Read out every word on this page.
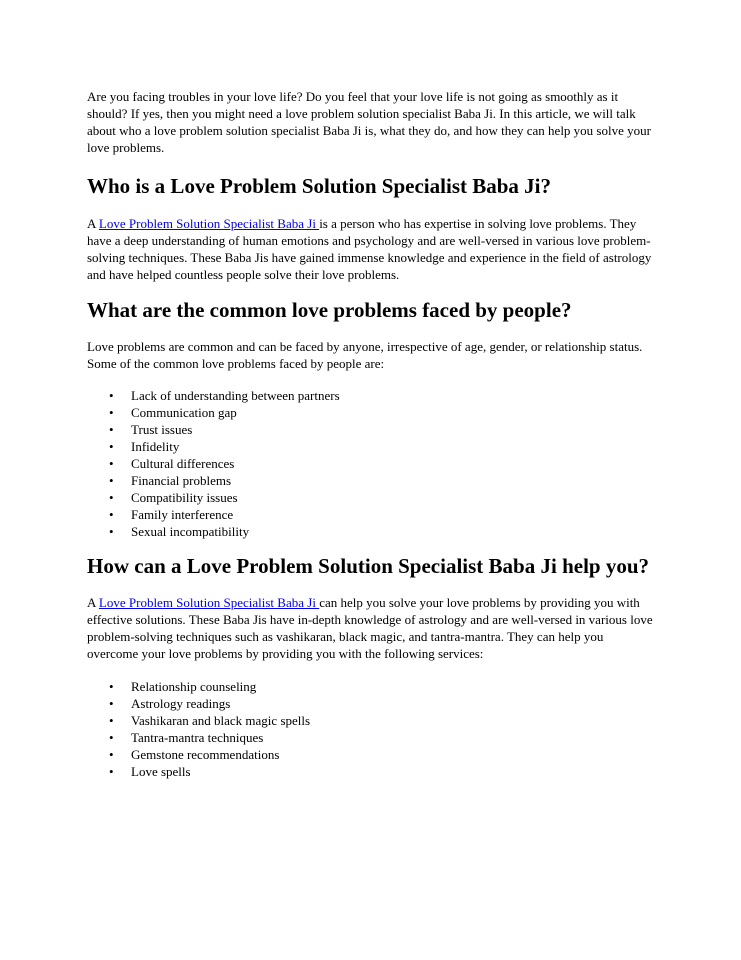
Are you facing troubles in your love life? Do you feel that your love life is not going as smoothly as it should? If yes, then you might need a love problem solution specialist Baba Ji. In this article, we will talk about who a love problem solution specialist Baba Ji is, what they do, and how they can help you solve your love problems.

Who is a Love Problem Solution Specialist Baba Ji?

A Love Problem Solution Specialist Baba Ji is a person who has expertise in solving love problems. They have a deep understanding of human emotions and psychology and are well-versed in various love problem-solving techniques. These Baba Jis have gained immense knowledge and experience in the field of astrology and have helped countless people solve their love problems.

What are the common love problems faced by people?

Love problems are common and can be faced by anyone, irrespective of age, gender, or relationship status. Some of the common love problems faced by people are:

• Lack of understanding between partners
• Communication gap
• Trust issues
• Infidelity
• Cultural differences
• Financial problems
• Compatibility issues
• Family interference
• Sexual incompatibility
How can a Love Problem Solution Specialist Baba Ji help you?

A Love Problem Solution Specialist Baba Ji can help you solve your love problems by providing you with effective solutions. These Baba Jis have in-depth knowledge of astrology and are well-versed in various love problem-solving techniques such as vashikaran, black magic, and tantra-mantra. They can help you overcome your love problems by providing you with the following services:

• Relationship counseling
• Astrology readings
• Vashikaran and black magic spells
• Tantra-mantra techniques
• Gemstone recommendations
• Love spells
